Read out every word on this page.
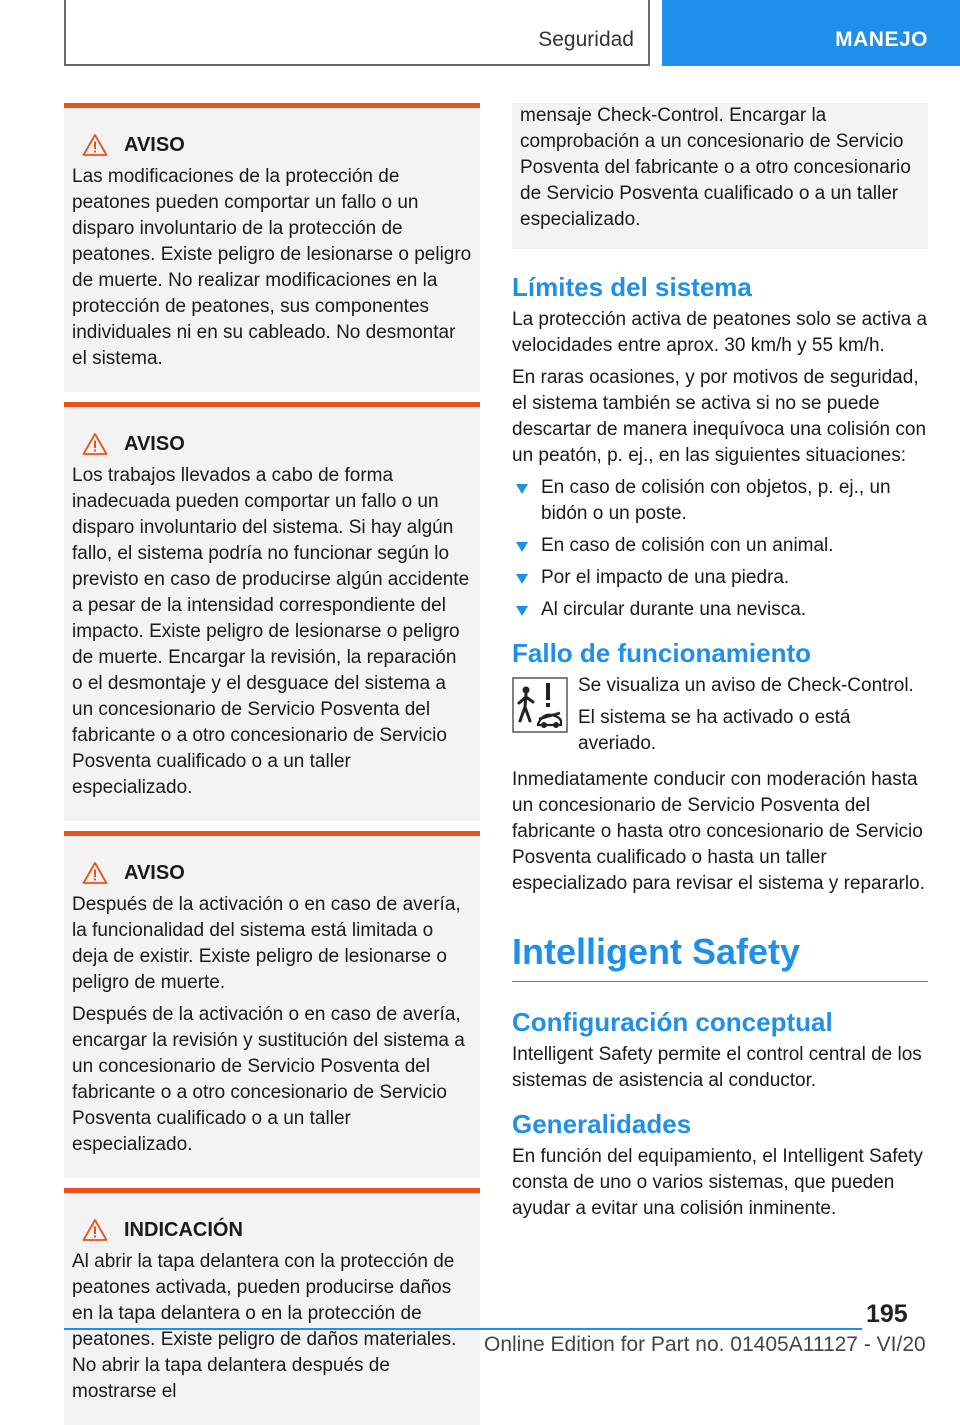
Seguridad	MANEJO
AVISO

Las modificaciones de la protección de peatones pueden comportar un fallo o un disparo involuntario de la protección de peatones. Existe peligro de lesionarse o peligro de muerte. No realizar modificaciones en la protección de peatones, sus componentes individuales ni en su cableado. No desmontar el sistema.

AVISO

Los trabajos llevados a cabo de forma inadecuada pueden comportar un fallo o un disparo involuntario del sistema. Si hay algún fallo, el sistema podría no funcionar según lo previsto en caso de producirse algún accidente a pesar de la intensidad correspondiente del impacto. Existe peligro de lesionarse o peligro de muerte. Encargar la revisión, la reparación o el desmontaje y el desguace del sistema a un concesionario de Servicio Posventa del fabricante o a otro concesionario de Servicio Posventa cualificado o a un taller especializado.

AVISO

Después de la activación o en caso de avería, la funcionalidad del sistema está limitada o deja de existir. Existe peligro de lesionarse o peligro de muerte.

Después de la activación o en caso de avería, encargar la revisión y sustitución del sistema a un concesionario de Servicio Posventa del fabricante o a otro concesionario de Servicio Posventa cualificado o a un taller especializado.

INDICACIÓN

Al abrir la tapa delantera con la protección de peatones activada, pueden producirse daños en la tapa delantera o en la protección de peatones. Existe peligro de daños materiales. No abrir la tapa delantera después de mostrarse el

mensaje Check-Control. Encargar la comprobación a un concesionario de Servicio Posventa del fabricante o a otro concesionario de Servicio Posventa cualificado o a un taller especializado.

Límites del sistema

La protección activa de peatones solo se activa a velocidades entre aprox. 30 km/h y 55 km/h.

En raras ocasiones, y por motivos de seguridad, el sistema también se activa si no se puede descartar de manera inequívoca una colisión con un peatón, p. ej., en las siguientes situaciones:

En caso de colisión con objetos, p. ej., un bidón o un poste.
En caso de colisión con un animal.
Por el impacto de una piedra.
Al circular durante una nevisca.
Fallo de funcionamiento

Se visualiza un aviso de Check-Control.

El sistema se ha activado o está averiado.

Inmediatamente conducir con moderación hasta un concesionario de Servicio Posventa del fabricante o hasta otro concesionario de Servicio Posventa cualificado o hasta un taller especializado para revisar el sistema y repararlo.

Intelligent Safety
Configuración conceptual

Intelligent Safety permite el control central de los sistemas de asistencia al conductor.

Generalidades

En función del equipamiento, el Intelligent Safety consta de uno o varios sistemas, que pueden ayudar a evitar una colisión inminente.

195
Online Edition for Part no. 01405A11127 - VI/20
